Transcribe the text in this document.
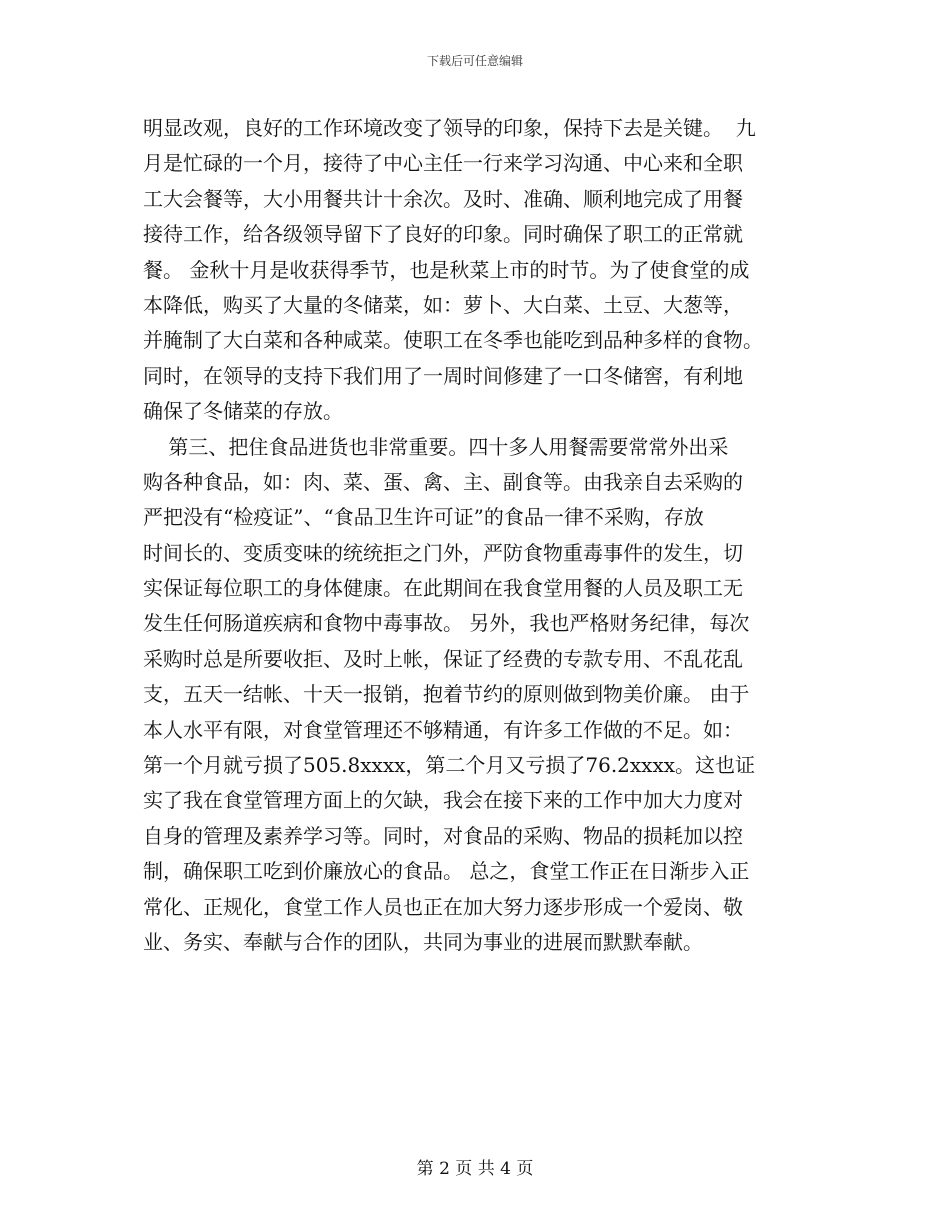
下载后可任意编辑
明显改观，良好的工作环境改变了领导的印象，保持下去是关键。  九
月是忙碌的一个月，接待了中心主任一行来学习沟通、中心来和全职
工大会餐等，大小用餐共计十余次。及时、准确、顺利地完成了用餐
接待工作，给各级领导留下了良好的印象。同时确保了职工的正常就
餐。 金秋十月是收获得季节，也是秋菜上市的时节。为了使食堂的成
本降低，购买了大量的冬储菜，如：萝卜、大白菜、土豆、大葱等，
并腌制了大白菜和各种咸菜。使职工在冬季也能吃到品种多样的食物。
同时，在领导的支持下我们用了一周时间修建了一口冬储窖，有利地
确保了冬储菜的存放。
第三、把住食品进货也非常重要。四十多人用餐需要常常外出采
购各种食品，如：肉、菜、蛋、禽、主、副食等。由我亲自去采购的
严把没有“检疫证”、“食品卫生许可证”的食品一律不采购，存放
时间长的、变质变味的统统拒之门外，严防食物重毒事件的发生，切
实保证每位职工的身体健康。在此期间在我食堂用餐的人员及职工无
发生任何肠道疾病和食物中毒事故。 另外，我也严格财务纪律，每次
采购时总是所要收拒、及时上帐，保证了经费的专款专用、不乱花乱
支，五天一结帐、十天一报销，抱着节约的原则做到物美价廉。 由于
本人水平有限，对食堂管理还不够精通，有许多工作做的不足。如：
第一个月就亏损了505.8xxxx，第二个月又亏损了76.2xxxx。这也证
实了我在食堂管理方面上的欠缺，我会在接下来的工作中加大力度对
自身的管理及素养学习等。同时，对食品的采购、物品的损耗加以控
制，确保职工吃到价廉放心的食品。 总之，食堂工作正在日渐步入正
常化、正规化，食堂工作人员也正在加大努力逐步形成一个爱岗、敬
业、务实、奉献与合作的团队，共同为事业的进展而默默奉献。
第 2 页 共 4 页
